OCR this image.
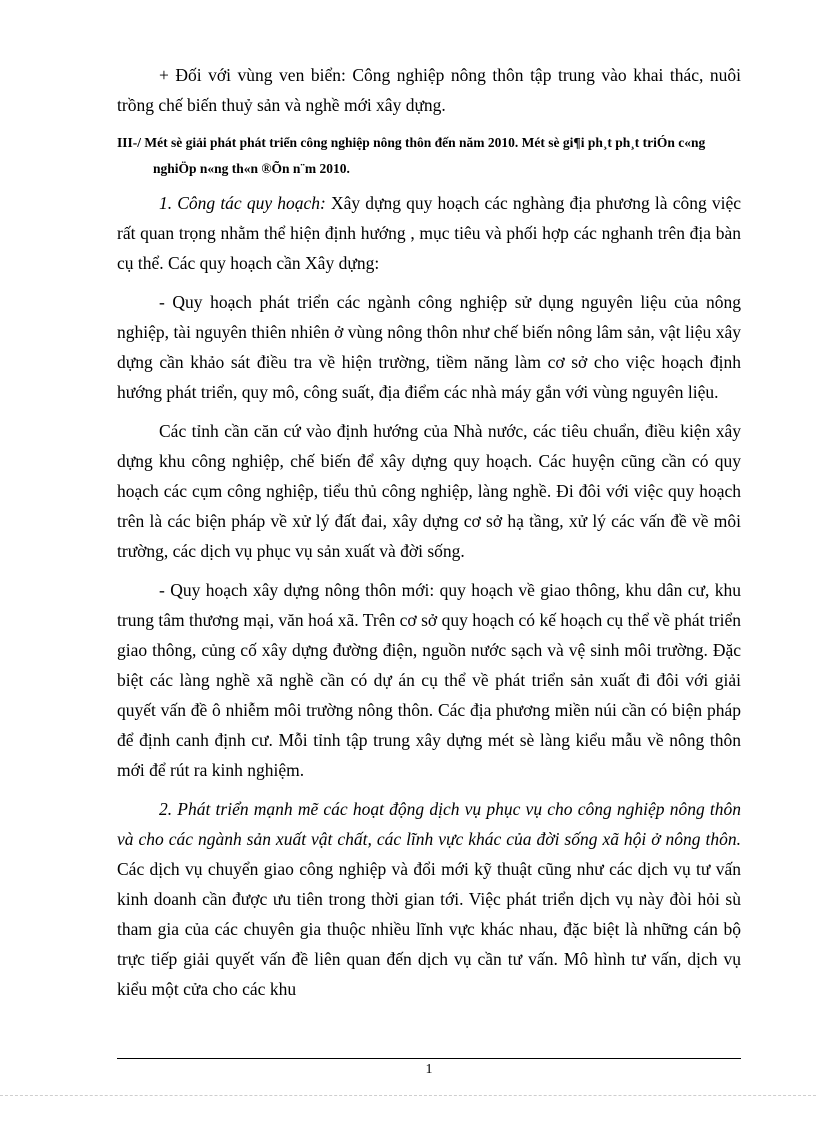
+ Đối với vùng ven biển: Công nghiệp nông thôn tập trung vào khai thác, nuôi trồng chế biến thuỷ sản và nghề mới xây dựng.

III-/ Mét sè giải phát phát triển công nghiệp nông thôn đến năm 2010. Mét sè gi¶i ph¸t ph¸t triÓn c«ng nghiÖp n«ng th«n ®Õn n¨m 2010.

1. Công tác quy hoạch: Xây dựng quy hoạch các nghàng địa phương là công việc rất quan trọng nhằm thể hiện định hướng , mục tiêu và phối hợp các nghanh trên địa bàn cụ thể. Các quy hoạch cần Xây dựng:

- Quy hoạch phát triển các ngành công nghiệp sử dụng nguyên liệu của nông nghiệp, tài nguyên thiên nhiên ở vùng nông thôn như chế biến nông lâm sản, vật liệu xây dựng cần khảo sát điều tra về hiện trường, tiềm năng làm cơ sở cho việc hoạch định hướng phát triển, quy mô, công suất, địa điểm các nhà máy gắn với vùng nguyên liệu.

Các tỉnh cần căn cứ vào định hướng của Nhà nước, các tiêu chuẩn, điều kiện xây dựng khu công nghiệp, chế biến để xây dựng quy hoạch. Các huyện cũng cần có quy hoạch các cụm công nghiệp, tiểu thủ công nghiệp, làng nghề. Đi đôi với việc quy hoạch trên là các biện pháp về xử lý đất đai, xây dựng cơ sở hạ tầng, xử lý các vấn đề về môi trường, các dịch vụ phục vụ sản xuất và đời sống.

- Quy hoạch xây dựng nông thôn mới: quy hoạch về giao thông, khu dân cư, khu trung tâm thương mại, văn hoá xã. Trên cơ sở quy hoạch có kế hoạch cụ thể về phát triển giao thông, củng cố xây dựng đường điện, nguồn nước sạch và vệ sinh môi trường. Đặc biệt các làng nghề xã nghề cần có dự án cụ thể về phát triển sản xuất đi đôi với giải quyết vấn đề ô nhiễm môi trường nông thôn. Các địa phương miền núi cần có biện pháp để định canh định cư. Mỗi tỉnh tập trung xây dựng mét sè làng kiểu mẫu về nông thôn mới để rút ra kinh nghiệm.

2. Phát triển mạnh mẽ các hoạt động dịch vụ phục vụ cho công nghiệp nông thôn và cho các ngành sản xuất vật chất, các lĩnh vực khác của đời sống xã hội ở nông thôn. Các dịch vụ chuyển giao công nghiệp và đổi mới kỹ thuật cũng như các dịch vụ tư vấn kinh doanh cần được ưu tiên trong thời gian tới. Việc phát triển dịch vụ này đòi hỏi sù tham gia của các chuyên gia thuộc nhiều lĩnh vực khác nhau, đặc biệt là những cán bộ trực tiếp giải quyết vấn đề liên quan đến dịch vụ cần tư vấn. Mô hình tư vấn, dịch vụ kiểu một cửa cho các khu

1
